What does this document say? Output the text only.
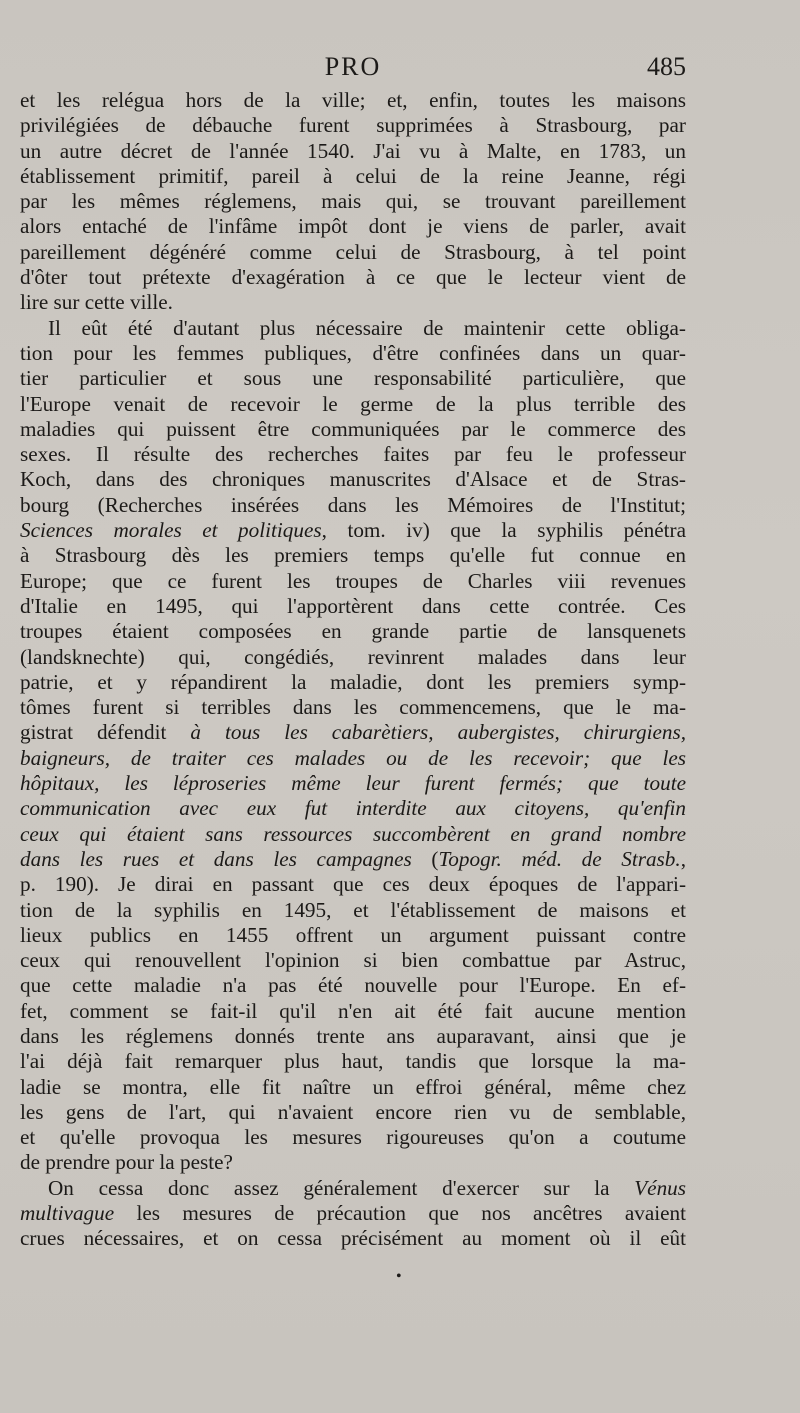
PRO	485
et les relégua hors de la ville; et, enfin, toutes les maisons
privilégiées de débauche furent supprimées à Strasbourg, par
un autre décret de l'année 1540. J'ai vu à Malte, en 1783, un
établissement primitif, pareil à celui de la reine Jeanne, régi
par les mêmes réglemens, mais qui, se trouvant pareillement
alors entaché de l'infâme impôt dont je viens de parler, avait
pareillement dégénéré comme celui de Strasbourg, à tel point
d'ôter tout prétexte d'exagération à ce que le lecteur vient de
lire sur cette ville.
Il eût été d'autant plus nécessaire de maintenir cette obliga-
tion pour les femmes publiques, d'être confinées dans un quar-
tier particulier et sous une responsabilité particulière, que
l'Europe venait de recevoir le germe de la plus terrible des
maladies qui puissent être communiquées par le commerce des
sexes. Il résulte des recherches faites par feu le professeur
Koch, dans des chroniques manuscrites d'Alsace et de Stras-
bourg (Recherches insérées dans les Mémoires de l'Institut;
Sciences morales et politiques, tom. iv) que la syphilis pénétra
à Strasbourg dès les premiers temps qu'elle fut connue en
Europe; que ce furent les troupes de Charles viii revenues
d'Italie en 1495, qui l'apportèrent dans cette contrée. Ces
troupes étaient composées en grande partie de lansquenets
(landsknechte) qui, congédiés, revinrent malades dans leur
patrie, et y répandirent la maladie, dont les premiers symp-
tômes furent si terribles dans les commencemens, que le ma-
gistrat défendit à tous les cabarètiers, aubergistes, chirurgiens,
baigneurs, de traiter ces malades ou de les recevoir; que les
hôpitaux, les léproseries même leur furent fermés; que toute
communication avec eux fut interdite aux citoyens, qu'enfin
ceux qui étaient sans ressources succombèrent en grand nombre
dans les rues et dans les campagnes (Topogr. méd. de Strasb.,
p. 190). Je dirai en passant que ces deux époques de l'appari-
tion de la syphilis en 1495, et l'établissement de maisons et
lieux publics en 1455 offrent un argument puissant contre
ceux qui renouvellent l'opinion si bien combattue par Astruc,
que cette maladie n'a pas été nouvelle pour l'Europe. En ef-
fet, comment se fait-il qu'il n'en ait été fait aucune mention
dans les réglemens donnés trente ans auparavant, ainsi que je
l'ai déjà fait remarquer plus haut, tandis que lorsque la ma-
ladie se montra, elle fit naître un effroi général, même chez
les gens de l'art, qui n'avaient encore rien vu de semblable,
et qu'elle provoqua les mesures rigoureuses qu'on a coutume
de prendre pour la peste?
On cessa donc assez généralement d'exercer sur la Vénus
multivague les mesures de précaution que nos ancêtres avaient
crues nécessaires, et on cessa précisément au moment où il eût
•
